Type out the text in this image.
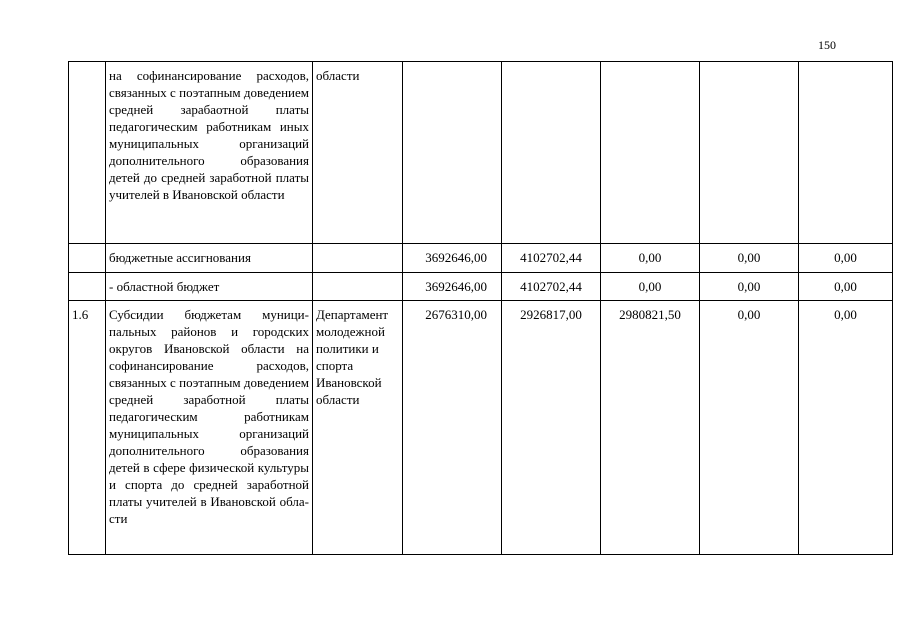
150
	на софинансирование расходов, связанных с поэтапным доведением средней зарабаотной платы педагогическим работникам иных муниципальных организаций дополнительного образования детей до средней заработной платы учителей в Ивановской области	области					
	бюджетные ассигнования		3692646,00	4102702,44	0,00	0,00	0,00
	- областной бюджет		3692646,00	4102702,44	0,00	0,00	0,00
1.6	Субсидии бюджетам муниципальных районов и городских округов Ивановской области на софинансирование расходов, связанных с поэтапным доведением средней заработной платы педагогическим работникам муниципальных организаций дополнительного образования детей в сфере физической культуры и спорта до средней заработной платы учителей в Ивановской области	Департамент молодежной политики и спорта Ивановской области	2676310,00	2926817,00	2980821,50	0,00	0,00
